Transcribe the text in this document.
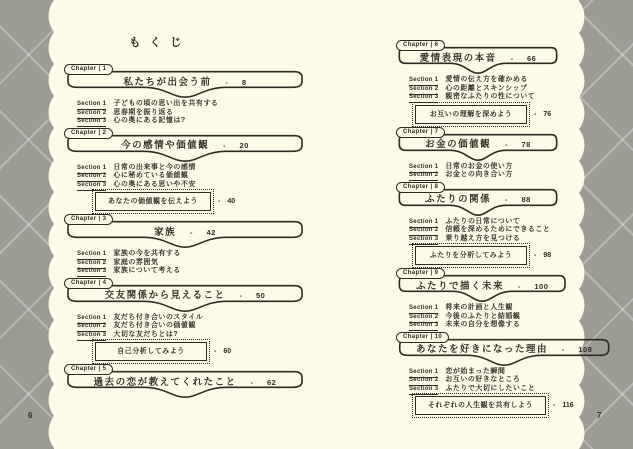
もくじ
Chapter | 1
私たちが出会う前 - 8
Section 1 子どもの頃の思い出を共有する
Section 2 思春期を振り返る
Section 3 心の奥にある記憶は?
Chapter | 2
今の感情や価値観 - 20
Section 1 日常の出来事と今の感情
Section 2 心に秘めている価値観
Section 3 心の奥にある思いや不安
あなたの価値観を伝えよう	- 40
Chapter | 3
家族 - 42
Section 1 家族の今を共有する
Section 2 家庭の雰囲気
Section 3 家族について考える
Chapter | 4
交友関係から見えること - 50
Section 1 友だち付き合いのスタイル
Section 2 友だち付き合いの価値観
Section 3 大切な友だちとは?
自己分析してみよう	- 60
Chapter | 5
過去の恋が教えてくれたこと - 62
Chapter | 6
愛情表現の本音 - 66
Section 1 愛情の伝え方を確かめる
Section 2 心の距離とスキンシップ
Section 3 親密なふたりの性について
お互いの理解を深めよう	- 76
Chapter | 7
お金の価値観 - 78
Section 1 日常のお金の使い方
Section 2 お金との向き合い方
Chapter | 8
ふたりの関係 - 88
Section 1 ふたりの日常について
Section 2 信頼を深めるためにできること
Section 3 乗り越え方を見つける
ふたりを分析してみよう	- 98
Chapter | 9
ふたりで描く未来 - 100
Section 1 将来の計画と人生観
Section 2 今後のふたりと結婚観
Section 3 未来の自分を想像する
Chapter | 10
あなたを好きになった理由 - 108
Section 1 恋が始まった瞬間
Section 2 お互いの好きなところ
Section 3 ふたりで大切にしたいこと
それぞれの人生観を共有しよう	- 116
6	7
